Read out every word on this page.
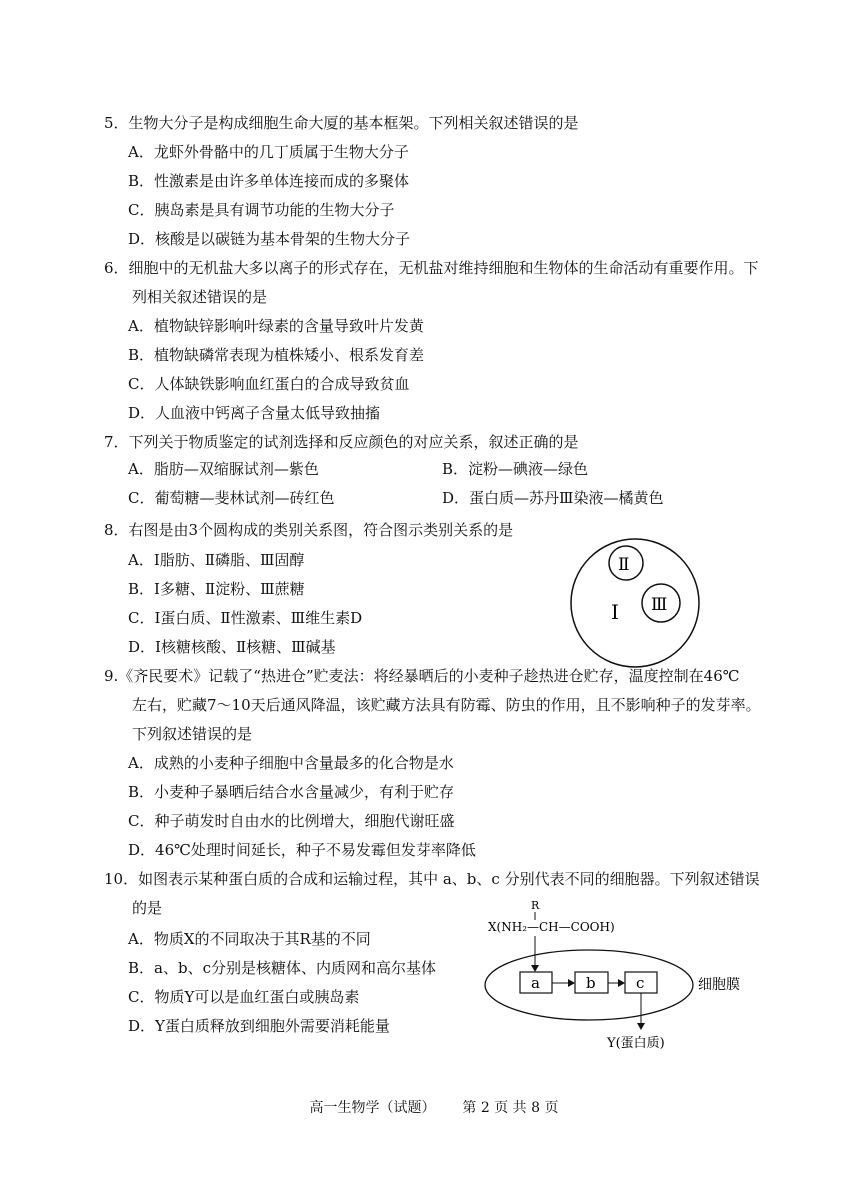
5．生物大分子是构成细胞生命大厦的基本框架。下列相关叙述错误的是
A．龙虾外骨骼中的几丁质属于生物大分子
B．性激素是由许多单体连接而成的多聚体
C．胰岛素是具有调节功能的生物大分子
D．核酸是以碳链为基本骨架的生物大分子
6．细胞中的无机盐大多以离子的形式存在，无机盐对维持细胞和生物体的生命活动有重要作用。下
列相关叙述错误的是
A．植物缺锌影响叶绿素的含量导致叶片发黄
B．植物缺磷常表现为植株矮小、根系发育差
C．人体缺铁影响血红蛋白的合成导致贫血
D．人血液中钙离子含量太低导致抽搐
7．下列关于物质鉴定的试剂选择和反应颜色的对应关系，叙述正确的是
A．脂肪—双缩脲试剂—紫色	B．淀粉—碘液—绿色
C．葡萄糖—斐林试剂—砖红色	D．蛋白质—苏丹Ⅲ染液—橘黄色
8．右图是由3个圆构成的类别关系图，符合图示类别关系的是
A．Ⅰ脂肪、Ⅱ磷脂、Ⅲ固醇
B．Ⅰ多糖、Ⅱ淀粉、Ⅲ蔗糖
C．Ⅰ蛋白质、Ⅱ性激素、Ⅲ维生素D
D．Ⅰ核糖核酸、Ⅱ核糖、Ⅲ碱基
Ⅰ
Ⅱ
Ⅲ
9.《齐民要术》记载了“热进仓”贮麦法：将经暴晒后的小麦种子趁热进仓贮存，温度控制在46℃
左右，贮藏7～10天后通风降温，该贮藏方法具有防霉、防虫的作用，且不影响种子的发芽率。
下列叙述错误的是
A．成熟的小麦种子细胞中含量最多的化合物是水
B．小麦种子暴晒后结合水含量减少，有利于贮存
C．种子萌发时自由水的比例增大，细胞代谢旺盛
D．46℃处理时间延长，种子不易发霉但发芽率降低
10．如图表示某种蛋白质的合成和运输过程，其中 a、b、c 分别代表不同的细胞器。下列叙述错误
的是
A．物质X的不同取决于其R基的不同
B．a、b、c分别是核糖体、内质网和高尔基体
C．物质Y可以是血红蛋白或胰岛素
D．Y蛋白质释放到细胞外需要消耗能量
R
X(NH₂—CH—COOH)
a	b	c	细胞膜
Y(蛋白质)
高一生物学（试题） 第 2 页 共 8 页
